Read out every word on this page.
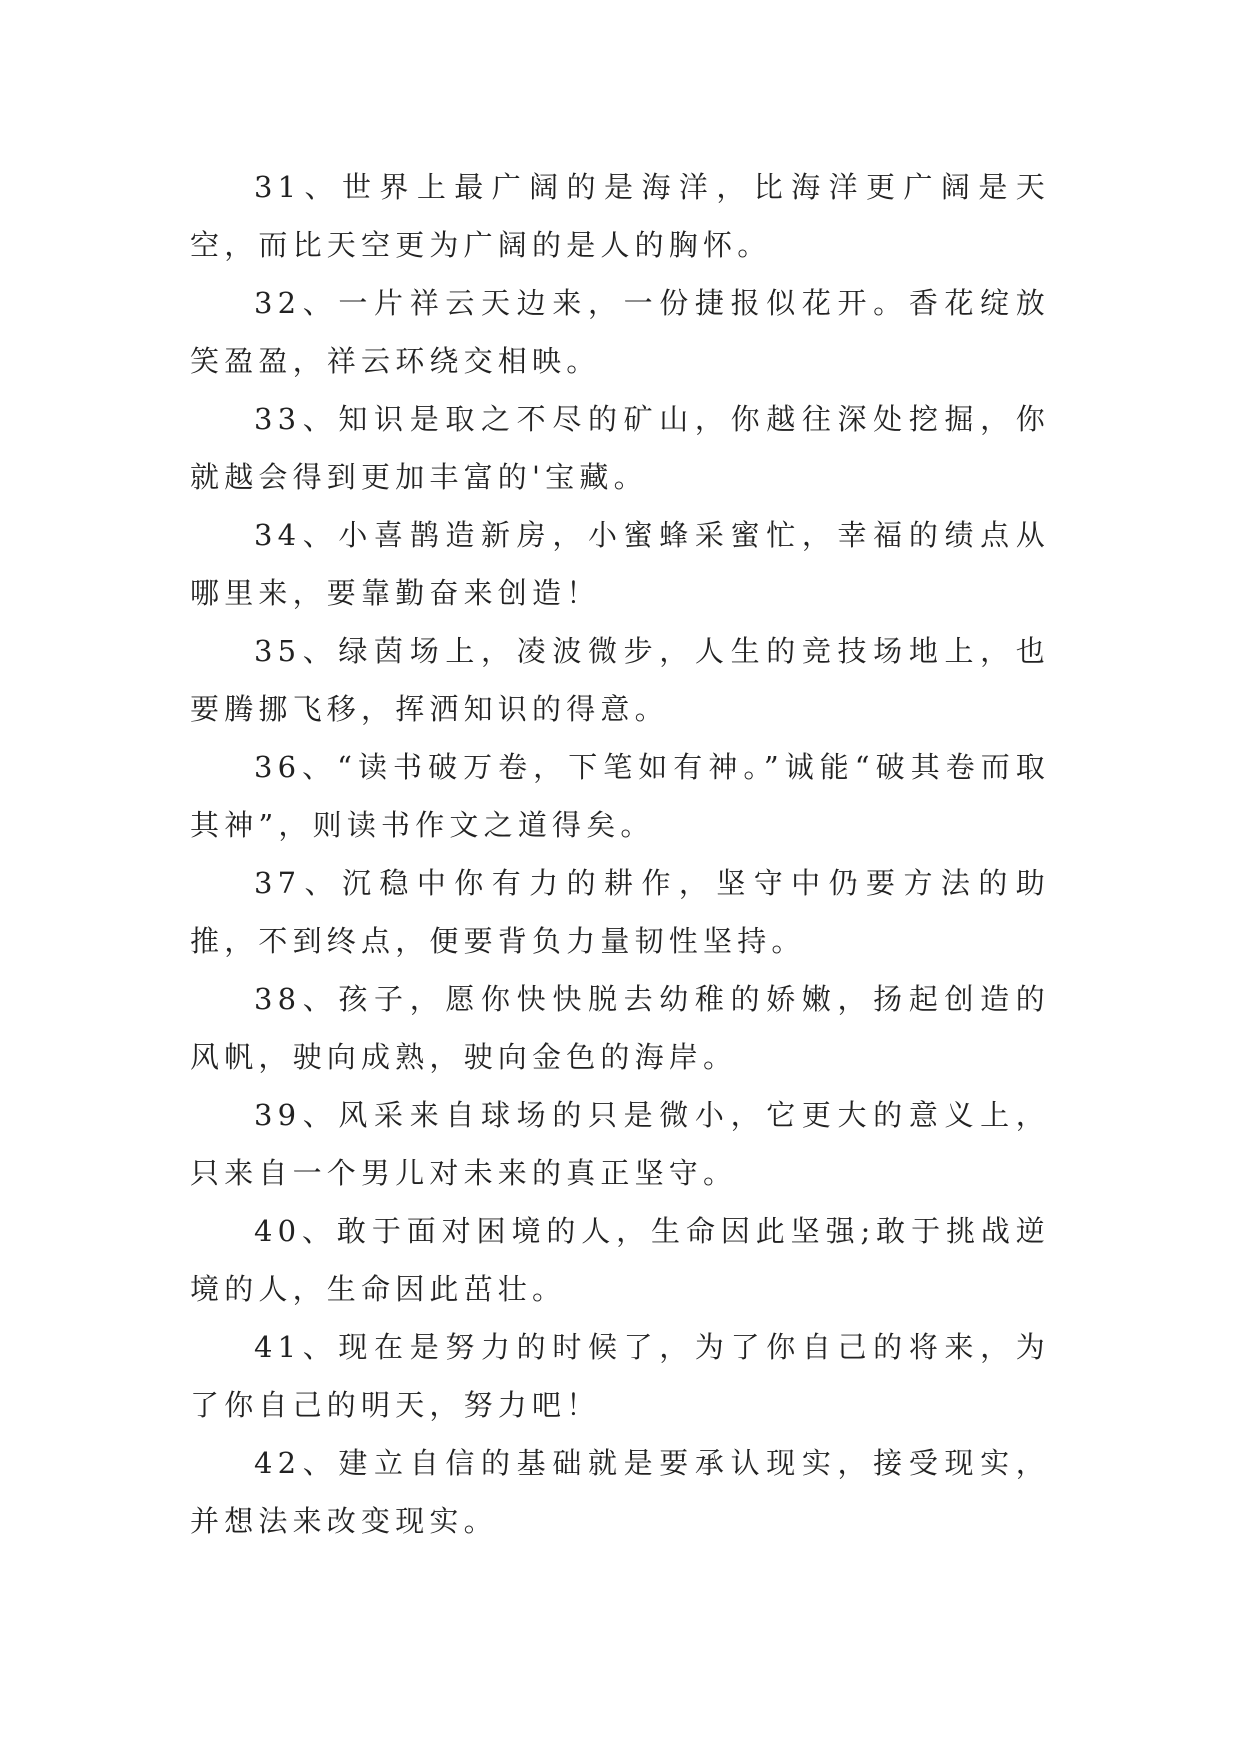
31、世界上最广阔的是海洋，比海洋更广阔是天空，而比天空更为广阔的是人的胸怀。

32、一片祥云天边来，一份捷报似花开。香花绽放笑盈盈，祥云环绕交相映。

33、知识是取之不尽的矿山，你越往深处挖掘，你就越会得到更加丰富的'宝藏。

34、小喜鹊造新房，小蜜蜂采蜜忙，幸福的绩点从哪里来，要靠勤奋来创造！

35、绿茵场上，凌波微步，人生的竞技场地上，也要腾挪飞移，挥洒知识的得意。

36、“读书破万卷，下笔如有神。”诚能“破其卷而取其神”，则读书作文之道得矣。

37、沉稳中你有力的耕作，坚守中仍要方法的助推，不到终点，便要背负力量韧性坚持。

38、孩子，愿你快快脱去幼稚的娇嫩，扬起创造的风帆，驶向成熟，驶向金色的海岸。

39、风采来自球场的只是微小，它更大的意义上，只来自一个男儿对未来的真正坚守。

40、敢于面对困境的人，生命因此坚强;敢于挑战逆境的人，生命因此茁壮。

41、现在是努力的时候了，为了你自己的将来，为了你自己的明天，努力吧！

42、建立自信的基础就是要承认现实，接受现实，并想法来改变现实。
